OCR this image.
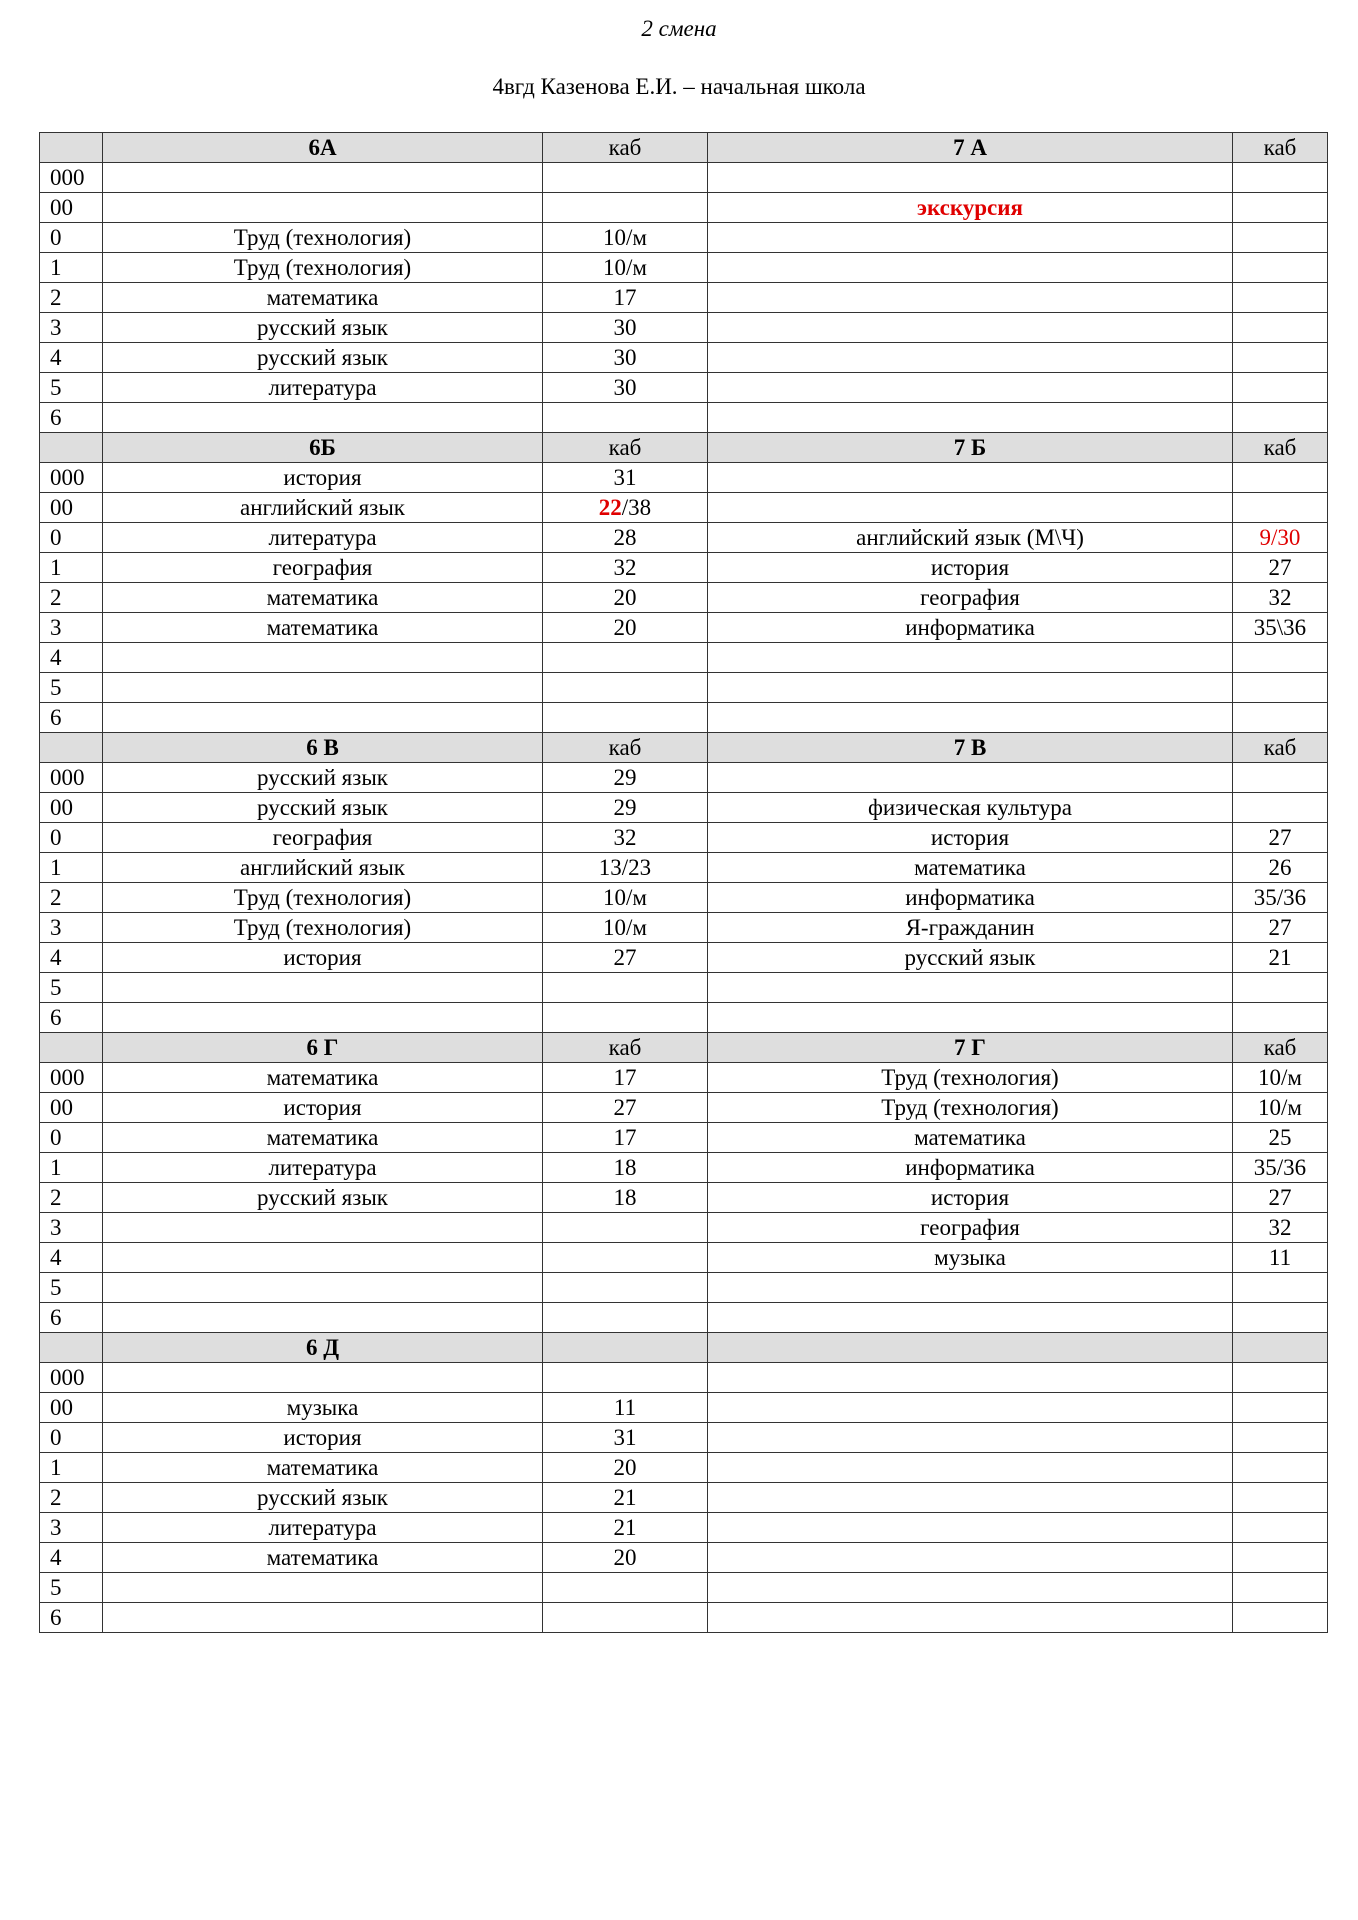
2 смена
4вгд Казенова Е.И. – начальная школа
	6А	каб	7 А	каб
000				
00			экскурсия	
0	Труд (технология)	10/м		
1	Труд (технология)	10/м		
2	математика	17		
3	русский язык	30		
4	русский язык	30		
5	литература	30		
6				
	6Б	каб	7 Б	каб
000	история	31		
00	английский язык	22/38		
0	литература	28	английский язык (М\Ч)	9/30
1	география	32	история	27
2	математика	20	география	32
3	математика	20	информатика	35\36
4				
5				
6				
	6 В	каб	7 В	каб
000	русский язык	29		
00	русский язык	29	физическая культура	
0	география	32	история	27
1	английский язык	13/23	математика	26
2	Труд (технология)	10/м	информатика	35/36
3	Труд (технология)	10/м	Я-гражданин	27
4	история	27	русский язык	21
5				
6				
	6 Г	каб	7 Г	каб
000	математика	17	Труд (технология)	10/м
00	история	27	Труд (технология)	10/м
0	математика	17	математика	25
1	литература	18	информатика	35/36
2	русский язык	18	история	27
3			география	32
4			музыка	11
5				
6				
	6 Д			
000				
00	музыка	11		
0	история	31		
1	математика	20		
2	русский язык	21		
3	литература	21		
4	математика	20		
5				
6				
